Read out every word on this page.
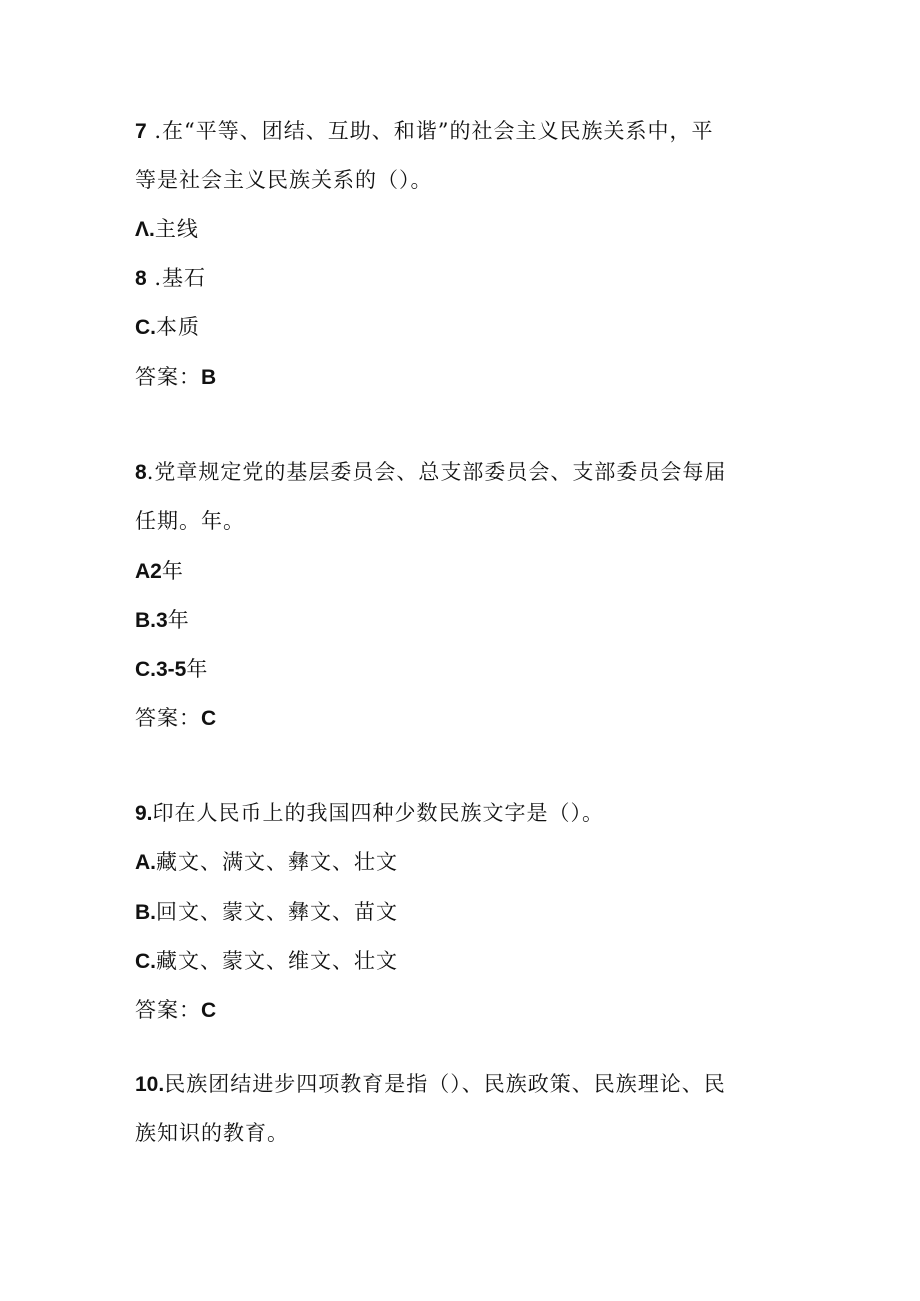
7 .在“平等、团结、互助、和谐”的社会主义民族关系中，平
等是社会主义民族关系的（）。
Λ.主线
8 .基石
C.本质
答案：B
8.党章规定党的基层委员会、总支部委员会、支部委员会每届
任期。年。
A2年
B.3年
C.3-5年
答案：C
9.印在人民币上的我国四种少数民族文字是（）。
A.藏文、满文、彝文、壮文
B.回文、蒙文、彝文、苗文
C.藏文、蒙文、维文、壮文
答案：C
10.民族团结进步四项教育是指（）、民族政策、民族理论、民
族知识的教育。
